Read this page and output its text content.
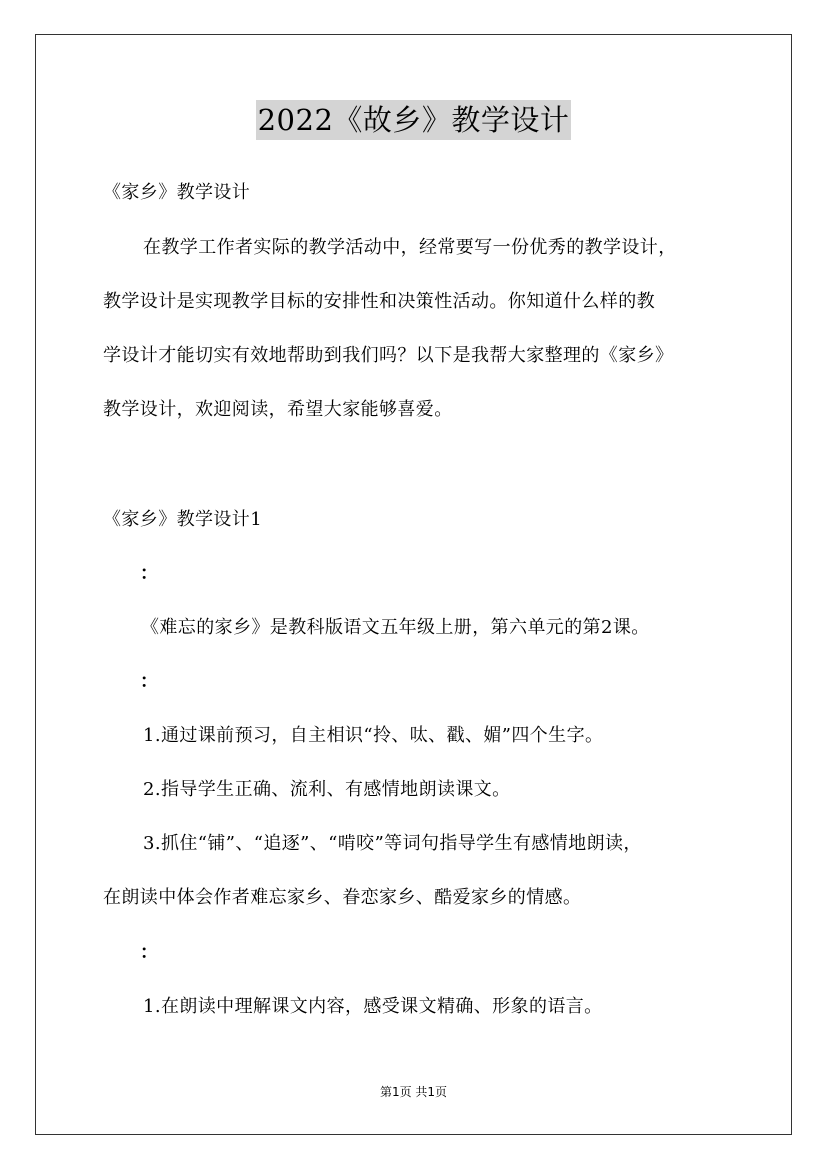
2022《故乡》教学设计
《家乡》教学设计
在教学工作者实际的教学活动中，经常要写一份优秀的教学设计，
教学设计是实现教学目标的安排性和决策性活动。你知道什么样的教
学设计才能切实有效地帮助到我们吗？以下是我帮大家整理的《家乡》
教学设计，欢迎阅读，希望大家能够喜爱。
《家乡》教学设计1
：
《难忘的家乡》是教科版语文五年级上册，第六单元的第2课。
：
1.通过课前预习，自主相识“拎、呔、戳、媚”四个生字。
2.指导学生正确、流利、有感情地朗读课文。
3.抓住“铺”、“追逐”、“啃咬”等词句指导学生有感情地朗读，
在朗读中体会作者难忘家乡、眷恋家乡、酷爱家乡的情感。
：
1.在朗读中理解课文内容，感受课文精确、形象的语言。
第1页 共1页
